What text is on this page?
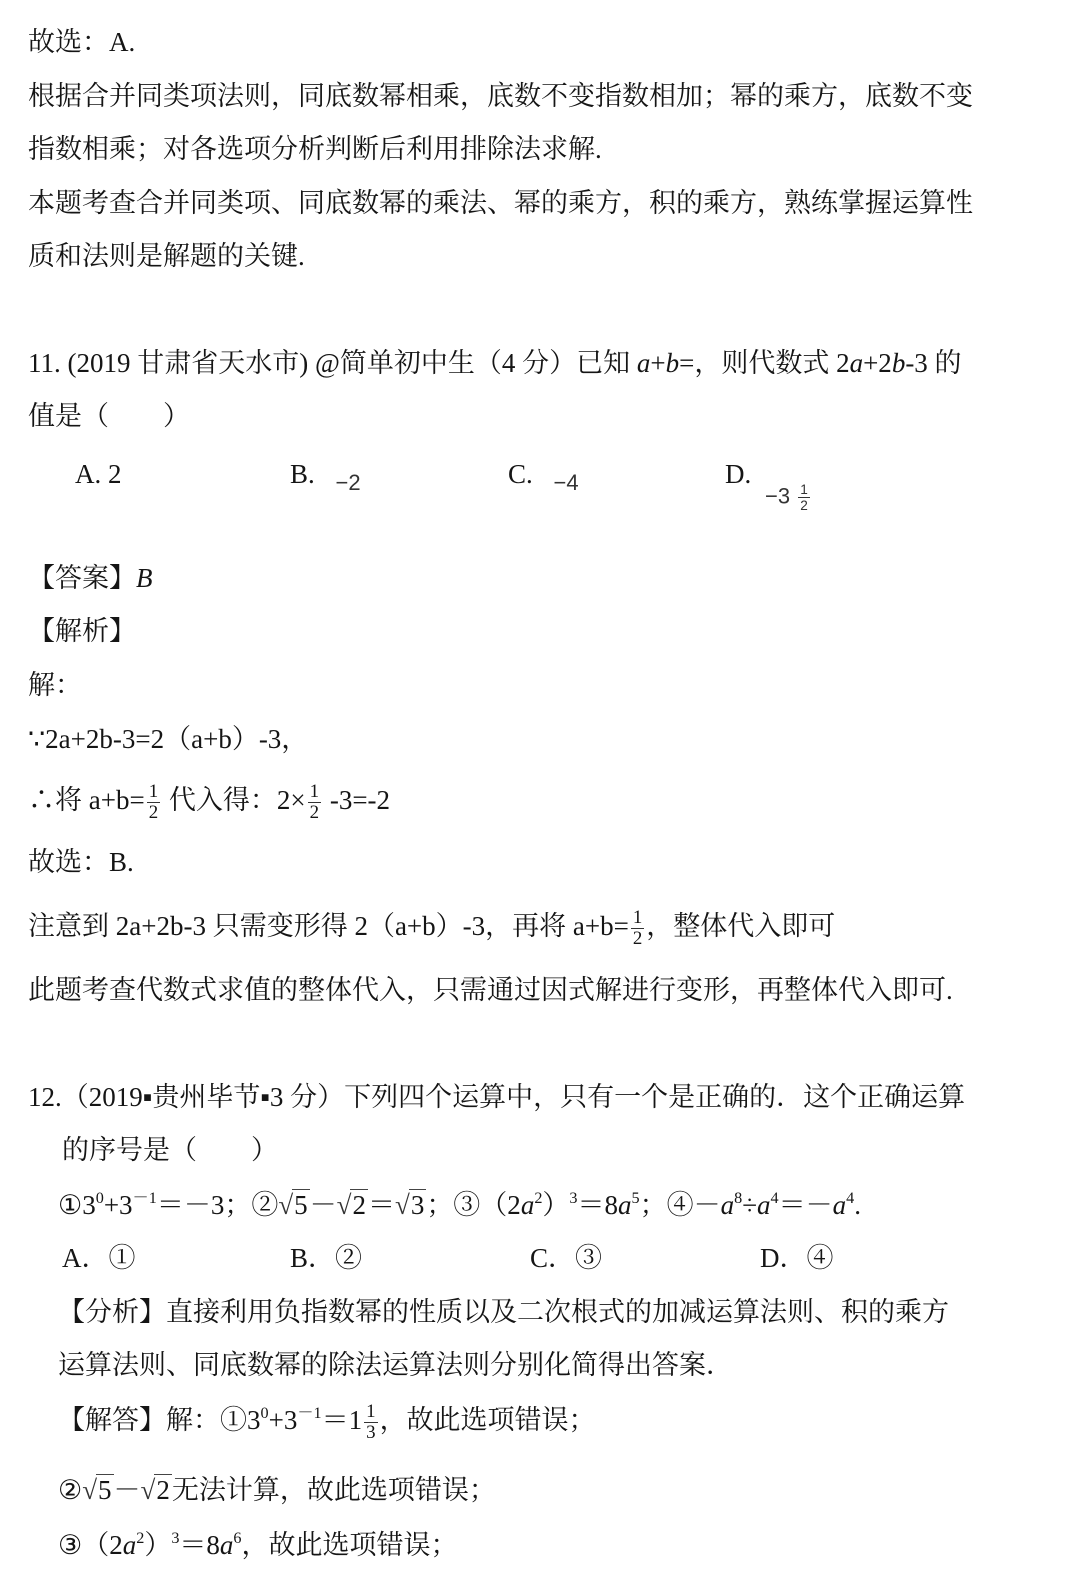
故选：A.
根据合并同类项法则，同底数幂相乘，底数不变指数相加；幂的乘方，底数不变
指数相乘；对各选项分析判断后利用排除法求解.
本题考查合并同类项、同底数幂的乘法、幂的乘方，积的乘方，熟练掌握运算性
质和法则是解题的关键.
11. (2019 甘肃省天水市) @简单初中生（4 分）已知 a+b=，则代数式 2a+2b-3 的
值是（　　）
A. 2	B. $_{-2}$	C. $_{-4}$	D.
$-3 \frac{1}{2}$
【答案】B
【解析】
解：
∵2a+2b-3=2（a+b）-3，
∴将 $a+b= \frac{1}{2}$ 代入得：$2\times \frac{1}{2} -3=-2$
故选：B.
注意到 2a+2b-3 只需变形得 2（a+b）-3，再将 $a+b= \frac{1}{2}$ ，整体代入即可
此题考查代数式求值的整体代入，只需通过因式解进行变形，再整体代入即可.
12.（2019▪贵州毕节▪3 分）下列四个运算中，只有一个是正确的．这个正确运算
的序号是（　　）
$①3^0+3^{-1}=-3$；②√5－√2＝√3；$③(2a^2)^3=8a^5$；$④-a^8\div a^4=-a^4$.
A．①	B．②	C．③	D．④
【分析】直接利用负指数幂的性质以及二次根式的加减运算法则、积的乘方
运算法则、同底数幂的除法运算法则分别化简得出答案．
【解答】解：$①3^0+3^{-1}=1 \frac{1}{3}$ ，故此选项错误；
②√5－√2无法计算，故此选项错误；
$③(2a^2)^3=8a^6$，故此选项错误；
